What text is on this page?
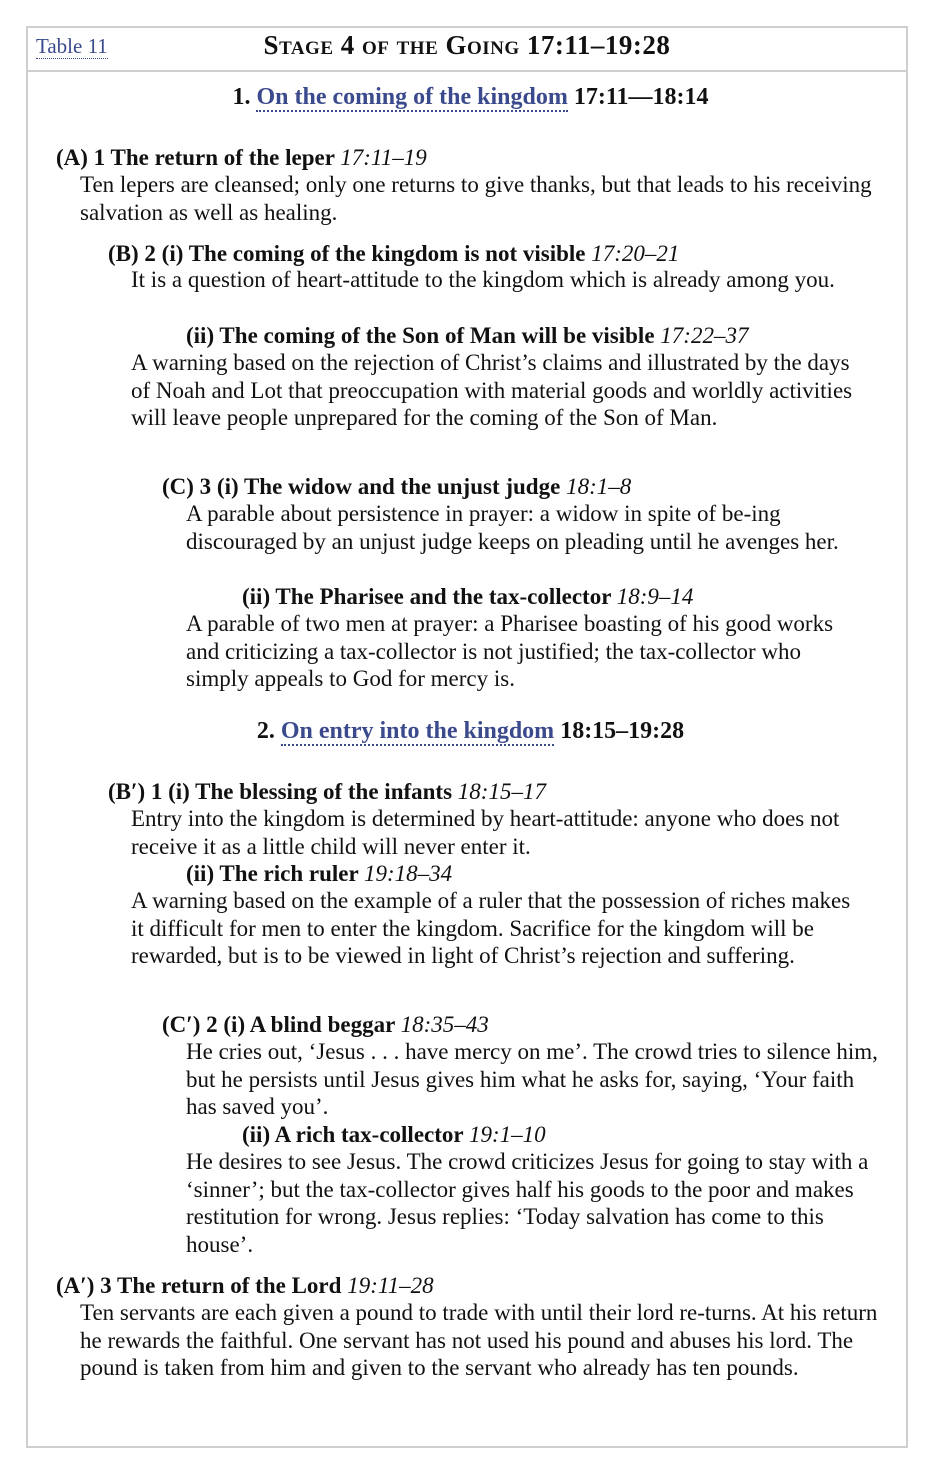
Table 11	Stage 4 of the Going 17:11–19:28
1. On the coming of the kingdom 17:11—18:14
(A) 1 The return of the leper 17:11–19
Ten lepers are cleansed; only one returns to give thanks, but that leads to his receiving salvation as well as healing.
(B) 2 (i) The coming of the kingdom is not visible 17:20–21
It is a question of heart-attitude to the kingdom which is already among you.
(ii) The coming of the Son of Man will be visible 17:22–37
A warning based on the rejection of Christ’s claims and illustrated by the days of Noah and Lot that preoccupation with material goods and worldly activities will leave people unprepared for the coming of the Son of Man.
(C) 3 (i) The widow and the unjust judge 18:1–8
A parable about persistence in prayer: a widow in spite of be-ing discouraged by an unjust judge keeps on pleading until he avenges her.
(ii) The Pharisee and the tax-collector 18:9–14
A parable of two men at prayer: a Pharisee boasting of his good works and criticizing a tax-collector is not justified; the tax-collector who simply appeals to God for mercy is.
2. On entry into the kingdom 18:15–19:28
(B′) 1 (i) The blessing of the infants 18:15–17
Entry into the kingdom is determined by heart-attitude: anyone who does not receive it as a little child will never enter it.
(ii) The rich ruler 19:18–34
A warning based on the example of a ruler that the possession of riches makes it difficult for men to enter the kingdom. Sacrifice for the kingdom will be rewarded, but is to be viewed in light of Christ’s rejection and suffering.
(C′) 2 (i) A blind beggar 18:35–43
He cries out, ‘Jesus . . . have mercy on me’. The crowd tries to silence him, but he persists until Jesus gives him what he asks for, saying, ‘Your faith has saved you’.
(ii) A rich tax-collector 19:1–10
He desires to see Jesus. The crowd criticizes Jesus for going to stay with a ‘sinner’; but the tax-collector gives half his goods to the poor and makes restitution for wrong. Jesus replies: ‘Today salvation has come to this house’.
(A′) 3 The return of the Lord 19:11–28
Ten servants are each given a pound to trade with until their lord re-turns. At his return he rewards the faithful. One servant has not used his pound and abuses his lord. The pound is taken from him and given to the servant who already has ten pounds.
